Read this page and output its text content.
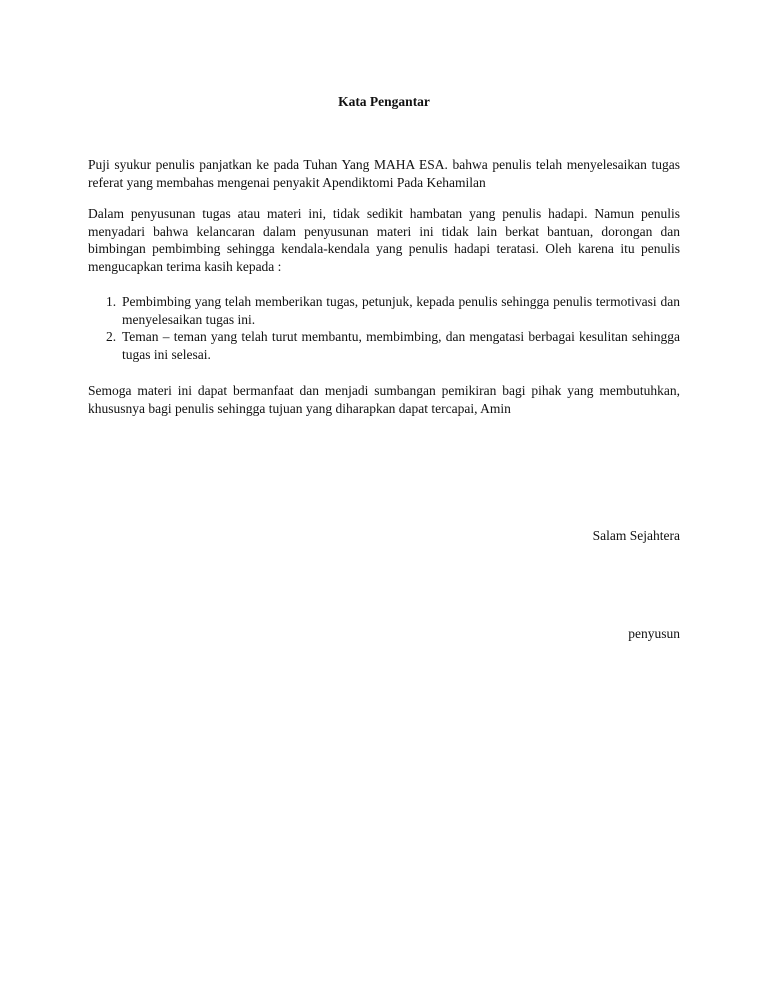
Kata Pengantar

Puji syukur penulis panjatkan ke pada Tuhan Yang MAHA ESA. bahwa penulis telah menyelesaikan tugas referat yang membahas mengenai penyakit Apendiktomi Pada Kehamilan

Dalam penyusunan tugas atau materi ini, tidak sedikit hambatan yang penulis hadapi. Namun penulis menyadari bahwa kelancaran dalam penyusunan materi ini tidak lain berkat bantuan, dorongan dan bimbingan pembimbing sehingga kendala-kendala yang penulis hadapi teratasi. Oleh karena itu penulis mengucapkan terima kasih kepada :

1. Pembimbing yang telah memberikan tugas, petunjuk, kepada penulis sehingga penulis termotivasi dan menyelesaikan tugas ini.
2. Teman – teman yang telah turut membantu, membimbing, dan mengatasi berbagai kesulitan sehingga tugas ini selesai.

Semoga materi ini dapat bermanfaat dan menjadi sumbangan pemikiran bagi pihak yang membutuhkan, khususnya bagi penulis sehingga tujuan yang diharapkan dapat tercapai, Amin

Salam Sejahtera
penyusun
